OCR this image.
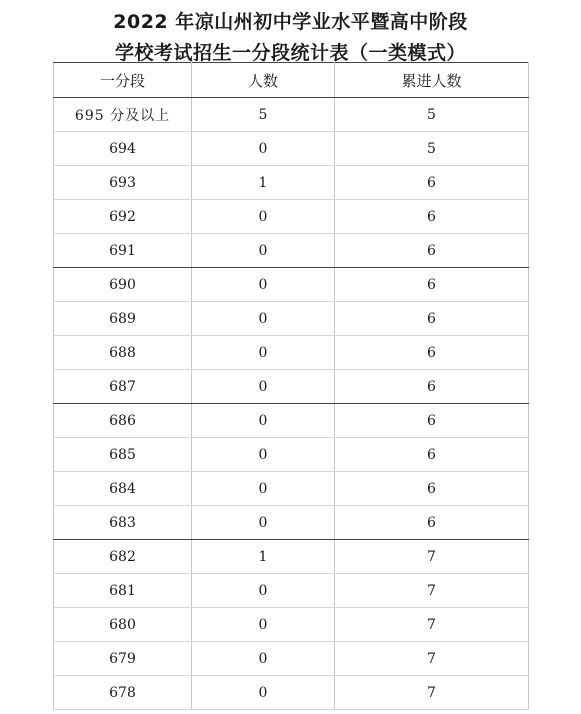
2022 年凉山州初中学业水平暨高中阶段
学校考试招生一分段统计表（一类模式）
一分段	人数	累进人数
695 分及以上	5	5
694	0	5
693	1	6
692	0	6
691	0	6
690	0	6
689	0	6
688	0	6
687	0	6
686	0	6
685	0	6
684	0	6
683	0	6
682	1	7
681	0	7
680	0	7
679	0	7
678	0	7
